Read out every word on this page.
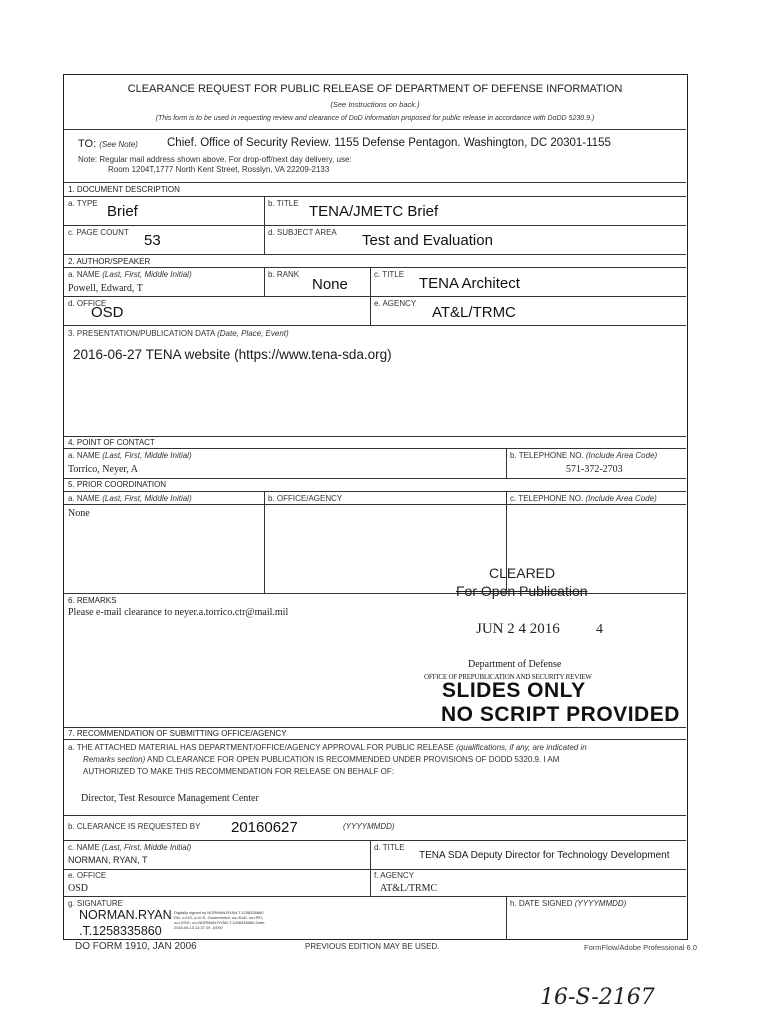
CLEARANCE REQUEST FOR PUBLIC RELEASE OF DEPARTMENT OF DEFENSE INFORMATION
(See Instructions on back.)
(This form is to be used in requesting review and clearance of DoD information proposed for public release in accordance with DoDD 5230.9.)
TO: (See Note)	Chief. Office of Security Review. 1155 Defense Pentagon. Washington, DC 20301-1155
Note: Regular mail address shown above. For drop-off/next day delivery, use:
Room 1204T,1777 North Kent Street, Rosslyn, VA 22209-2133
1. DOCUMENT DESCRIPTION
a. TYPE Brief	b. TITLE TENA/JMETC Brief
c. PAGE COUNT 53	d. SUBJECT AREA Test and Evaluation
2. AUTHOR/SPEAKER
a. NAME (Last, First, Middle Initial)
Powell, Edward, T
b. RANK
None
c. TITLE
TENA Architect
d. OFFICE
OSD
e. AGENCY
AT&L/TRMC
3. PRESENTATION/PUBLICATION DATA (Date, Place, Event)
2016-06-27 TENA website (https://www.tena-sda.org)
4. POINT OF CONTACT
a. NAME (Last, First, Middle Initial)
Torrico, Neyer, A
b. TELEPHONE NO. (Include Area Code)
571-372-2703
5. PRIOR COORDINATION
a. NAME (Last, First, Middle Initial)	b. OFFICE/AGENCY	c. TELEPHONE NO. (Include Area Code)
None
CLEARED
For Open Publication
6. REMARKS
Please e-mail clearance to neyer.a.torrico.ctr@mail.mil
JUN 2 4 2016	4
Department of Defense
OFFICE OF PREPUBLICATION AND SECURITY REVIEW
SLIDES ONLY
NO SCRIPT PROVIDED
7. RECOMMENDATION OF SUBMITTING OFFICE/AGENCY
a. THE ATTACHED MATERIAL HAS DEPARTMENT/OFFICE/AGENCY APPROVAL FOR PUBLIC RELEASE (qualifications, if any, are indicated in
Remarks section) AND CLEARANCE FOR OPEN PUBLICATION IS RECOMMENDED UNDER PROVISIONS OF DODD 5320.9. I AM
AUTHORIZED TO MAKE THIS RECOMMENDATION FOR RELEASE ON BEHALF OF:
Director, Test Resource Management Center
b. CLEARANCE IS REQUESTED BY 20160627	(YYYYMMDD)
c. NAME (Last, First, Middle Initial)
NORMAN, RYAN, T
d. TITLE
TENA SDA Deputy Director for Technology Development
e. OFFICE
OSD
f. AGENCY
AT&L/TRMC
g. SIGNATURE
NORMAN.RYAN
.T.1258335860
Digitally signed by NORMAN.RYAN.T.1258335860 DN: c=US, o=U.S. Government, ou=DoD, ou=PKI, ou=OSD, cn=NORMAN.RYAN.T.1258335860 Date: 2016.06.13 11:37:29 -04'00'
h. DATE SIGNED (YYYYMMDD)
DO FORM 1910, JAN 2006	PREVIOUS EDITION MAY BE USED.	FormFlow/Adobe Professional 6.0
16-S-2167
